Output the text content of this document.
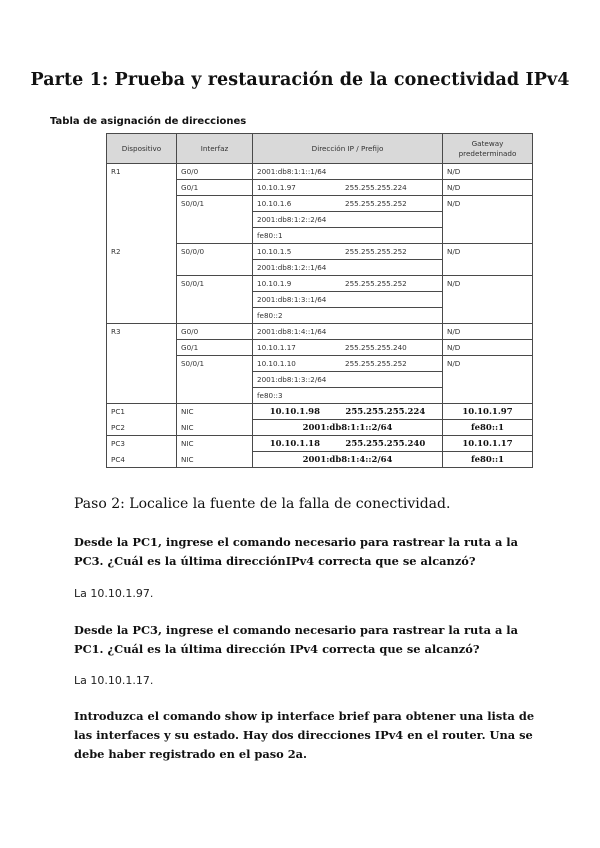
Parte 1: Prueba y restauración de la conectividad IPv4
Tabla de asignación de direcciones
Dispositivo	Interfaz	Dirección IP / Prefijo	Gateway predeterminado
R1	G0/0	2001:db8:1:1::1/64	N/D
	G0/1	10.10.1.97 255.255.255.224	N/D
	S0/0/1	10.10.1.6 255.255.255.252	N/D
		2001:db8:1:2::2/64	
		fe80::1	
R2	S0/0/0	10.10.1.5 255.255.255.252	N/D
		2001:db8:1:2::1/64	
	S0/0/1	10.10.1.9 255.255.255.252	N/D
		2001:db8:1:3::1/64	
		fe80::2	
R3	G0/0	2001:db8:1:4::1/64	N/D
	G0/1	10.10.1.17 255.255.255.240	N/D
	S0/0/1	10.10.1.10 255.255.255.252	N/D
		2001:db8:1:3::2/64	
		fe80::3	
PC1	NIC	10.10.1.98 255.255.255.224	10.10.1.97
PC2	NIC	2001:db8:1:1::2/64	fe80::1
PC3	NIC	10.10.1.18 255.255.255.240	10.10.1.17
PC4	NIC	2001:db8:1:4::2/64	fe80::1
Paso 2: Localice la fuente de la falla de conectividad.
Desde la PC1, ingrese el comando necesario para rastrear la ruta a la PC3. ¿Cuál es la última direcciónIPv4 correcta que se alcanzó?
La 10.10.1.97.
Desde la PC3, ingrese el comando necesario para rastrear la ruta a la PC1. ¿Cuál es la última dirección IPv4 correcta que se alcanzó?
La 10.10.1.17.
Introduzca el comando show ip interface brief para obtener una lista de las interfaces y su estado. Hay dos direcciones IPv4 en el router. Una se debe haber registrado en el paso 2a.
